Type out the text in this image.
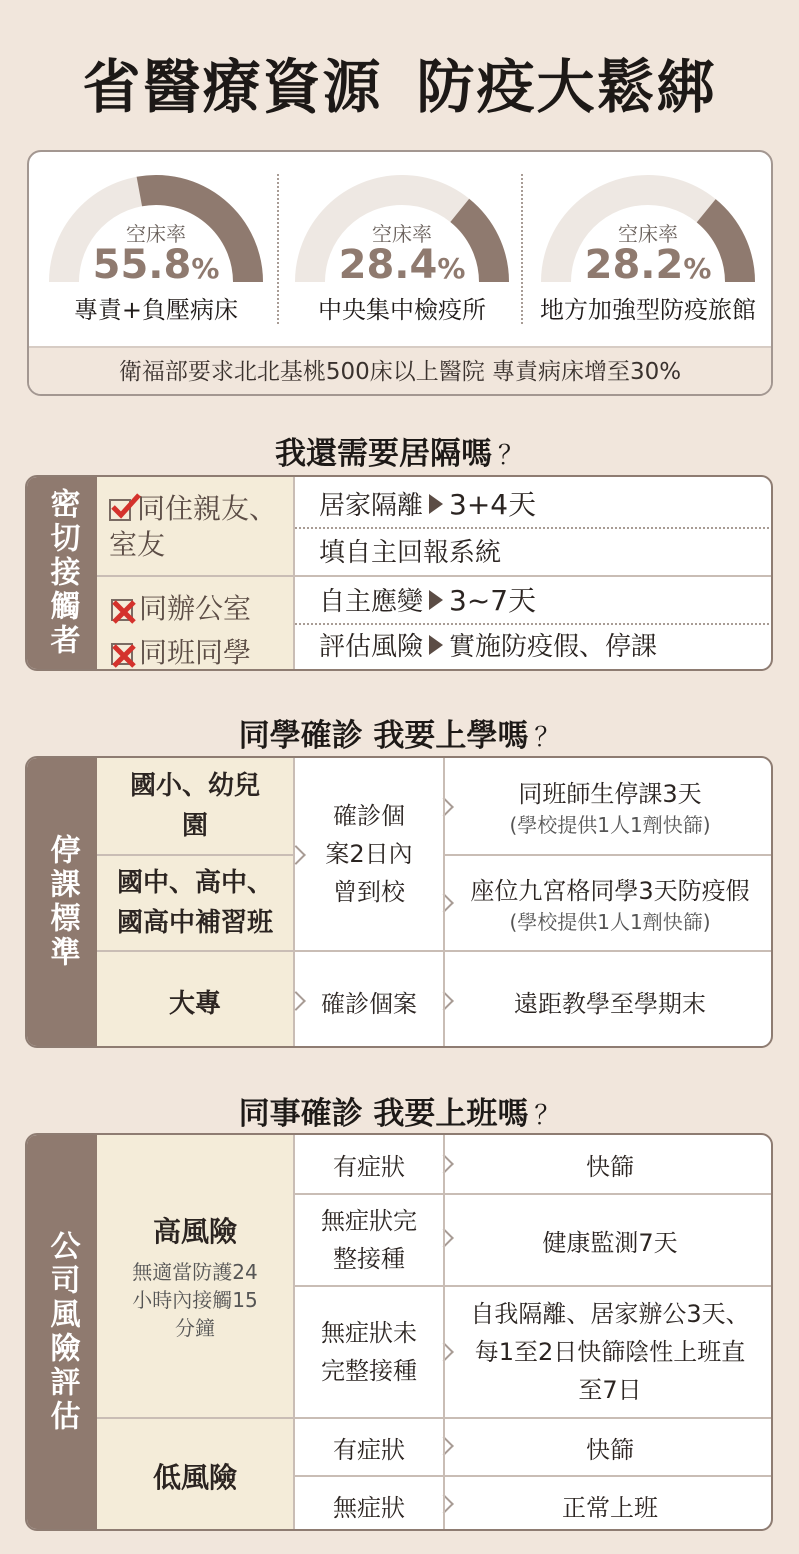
省醫療資源 防疫大鬆綁
空床率
55.8%
專責+負壓病床
空床率
28.4%
中央集中檢疫所
空床率
28.2%
地方加強型防疫旅館
衛福部要求北北基桃500床以上醫院 專責病床增至30%
我還需要居隔嗎 ？
密切接觸者	同住親友、室友
同辦公室
同班同學
居家隔離 3+4天
填自主回報系統
自主應變 3~7天
評估風險 實施防疫假、停課
同學確診 我要上學嗎 ？
停課標準
國小、幼兒園
國中、高中、國高中補習班
大專
確診個案2日內曾到校
確診個案
同班師生停課3天
(學校提供1人1劑快篩)
座位九宮格同學3天防疫假
(學校提供1人1劑快篩)
遠距教學至學期末
同事確診 我要上班嗎 ？
公司風險評估	高風險
無適當防護24小時內接觸15分鐘
低風險
有症狀
無症狀完整接種
無症狀未完整接種
有症狀
無症狀
快篩
健康監測7天
自我隔離、居家辦公3天、每1至2日快篩陰性上班直至7日
快篩
正常上班
